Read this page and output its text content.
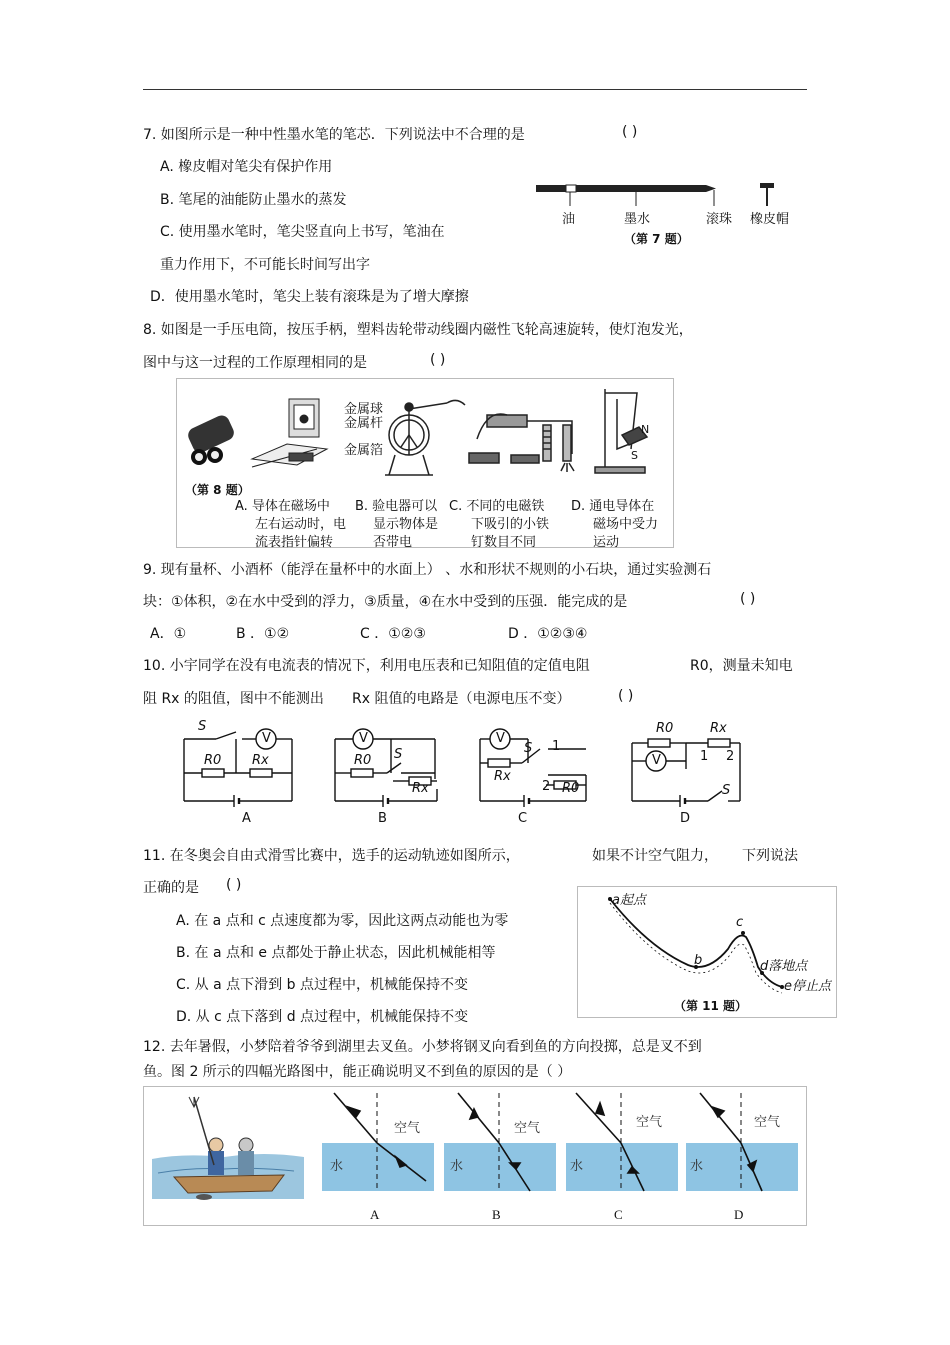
7. 如图所示是一种中性墨水笔的笔芯．下列说法中不合理的是	( )
A. 橡皮帽对笔尖有保护作用
B. 笔尾的油能防止墨水的蒸发
C. 使用墨水笔时，笔尖竖直向上书写，笔油在
重力作用下，不可能长时间写出字
D．使用墨水笔时，笔尖上装有滚珠是为了增大摩擦
油	墨水	滚珠 橡皮帽
（第 7 题）
8. 如图是一手压电筒，按压手柄，塑料齿轮带动线圈内磁性飞轮高速旋转，使灯泡发光，
图中与这一过程的工作原理相同的是	( )
金属球
金属杆
金属箔
N
S
（第 8 题）
A. 导体在磁场中
左右运动时，电
流表指针偏转
B. 验电器可以
显示物体是
否带电
C. 不同的电磁铁
下吸引的小铁
钉数目不同
D. 通电导体在
磁场中受力
运动
9. 现有量杯、小酒杯（能浮在量杯中的水面上） 、水和形状不规则的小石块，通过实验测石
块：①体积，②在水中受到的浮力，③质量，④在水中受到的压强．能完成的是	( )
A．①	B ．①②	C ．①②③	D ．①②③④
10. 小宇同学在没有电流表的情况下，利用电压表和已知阻值的定值电阻	R0，测量未知电
阻 Rx 的阻值，图中不能测出 Rx 阻值的电路是（电源电压不变）	( )
S
V
R0 Rx
A
V
S
R0
Rx
B
V
S 1
Rx
2 R0
C
R0	Rx
V	1 2
S
D
11. 在冬奥会自由式滑雪比赛中，选手的运动轨迹如图所示，	如果不计空气阻力， 下列说法
正确的是 ( )
A. 在 a 点和 c 点速度都为零，因此这两点动能也为零
B. 在 a 点和 e 点都处于静止状态，因此机械能相等
C. 从 a 点下滑到 b 点过程中，机械能保持不变
D. 从 c 点下落到 d 点过程中，机械能保持不变
a起点
b
c
d落地点
e停止点
（第 11 题）
12. 去年暑假，小梦陪着爷爷到湖里去叉鱼。小梦将钢叉向看到鱼的方向投掷，总是叉不到
鱼。图 2 所示的四幅光路图中，能正确说明叉不到鱼的原因的是（ ）
空气
水
A
空气
水
B
空气
水
C
空气
水
D
